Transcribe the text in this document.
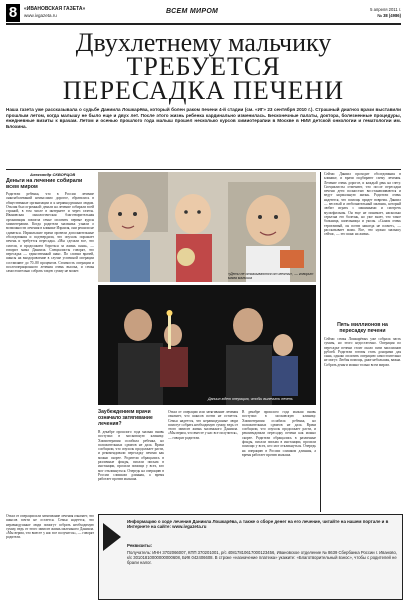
8	«ИВАНОВСКАЯ ГАЗЕТА»
www.ivgazeta.ru
ВСЕМ МИРОМ	5 апреля 2011 г.
№ 38 (4986)
Двухлетнему мальчику
ТРЕБУЕТСЯ
ПЕРЕСАДКА ПЕЧЕНИ
Наша газета уже рассказывала о судьбе Даниила Лошкарёва, который болен раком печени 4-й стадии (см. «ИГ» 23 сентября 2010 г.). Страшный диагноз врачи выставили прошлым летом, когда малышу не было еще и двух лет. После этого жизнь ребенка кардинально изменилась. Бесконечные палаты, доктора, болезненные процедуры, ежедневные визиты к врачам. Летом и осенью прошлого года малыш прошел несколько курсов химиотерапии в Москве в НИИ детской онкологии и гематологии им. Блохина.
Александр СКВОРЦОВ
Деньги на лечение собирали всем миром

Родители ребенка, что в России лечение онкозаболеваний немыслимо дорогое, обратились в общественные организации и к неравнодушным людям. Отклик был огромный: деньги на лечение собирали всей страной, в том числе в интернете и через газеты. Ивановская онкологическая благотворительная организация помогла семье оплатить первые курсы химиотерапии. Когда родители мальчика узнали о возможности лечения в клинике Израиля, они решили не сдаваться. Израильские врачи провели дополнительные обследования и подтвердили, что опухоль поражает печень и требуется пересадка. «Мы сделали все, что смогли, и продолжаем бороться за жизнь сына», — говорит мама Даниила. Специалисты говорят, что пересадка — единственный шанс. По словам врачей, шансы на выздоровление в случае успешной операции составляют до 70–80 процентов. Стоимость операции и послеоперационного лечения очень высока, и семья самостоятельно собрать такую сумму не может.

«Дети не отказываются от мечты», — говорит мама малыша
Даниил ждет операцию, чтобы вылечить печень
Заубеждением врачи означало затягивание лечения?

В декабре прошлого года малыш вновь поступил в московскую клинику. Химиотерапия ослабила ребенка, но положительных сдвигов не дала. Врачи сообщили, что опухоль продолжает расти, и рекомендовали пересадку печени как можно скорее. Родители обращались в различные фонды, писали письма в инстанции, просили помощи у всех, кто мог откликнуться. Очередь на операцию в России слишком длинная, а время работает против малыша.

Отказ от операции или затягивание лечения означает, что шансов почти не остается. Семья надеется, что неравнодушные люди помогут собрать необходимую сумму, ведь от этого зависит жизнь маленького Даниила. «Мы верим, что вместе у нас все получится», — говорят родители.

В декабре прошлого года малыш вновь поступил в московскую клинику. Химиотерапия ослабила ребенка, но положительных сдвигов не дала. Врачи сообщили, что опухоль продолжает расти, и рекомендовали пересадку печени как можно скорее. Родители обращались в различные фонды, писали письма в инстанции, просили помощи у всех, кто мог откликнуться. Очередь на операцию в России слишком длинная, а время работает против малыша.

Сейчас Даниил проходит обследования в клинике, и врачи подбирают схему лечения. Лечение очень дорогое, и каждый день на счету. Специалисты отмечают, что после пересадки печени дети полностью восстанавливаются и ведут нормальную жизнь. Родители очень надеются, что помощь придет вовремя. Даниил — веселый и любознательный мальчик, который любит играть с машинками и смотреть мультфильмы. Он еще не понимает, насколько серьезна его болезнь, но уже знает, что такое больница, капельницы и уколы. «Сынок очень терпеливый, он почти никогда не плачет», — рассказывает мама. Все, что нужно малышу сейчас, — это шанс на жизнь.

Пять миллионов на пересадку печени

Сейчас семья Лошкарёвых уже собрала часть суммы, но этого недостаточно. Операция по пересадке печени стоит около пяти миллионов рублей. Родители готовы стать донорами для сына, однако оплатить операцию самостоятельно не могут. Любая помощь, даже небольшая, важна. Собрать деньги можно только всем миром.

Информацию о ходе лечения Даниила Лошкарёва, а также о сборе денег на его лечение, читайте на нашем портале и в Интернете на сайте: www.ivgazeta.ru
Реквизиты:
Получатель: ИНН 3702066007, КПП 370201001, р/с 40817810617000123456, Ивановское отделение № 8639 Сбербанка России г. Иваново, к/с 30101810000000000608, БИК 042406608. В строке «назначение платежа» укажите: «Благотворительный взнос», чтобы с родителей не брали налог.

Отказ от операции или затягивание лечения означает, что шансов почти не остается. Семья надеется, что неравнодушные люди помогут собрать необходимую сумму, ведь от этого зависит жизнь маленького Даниила. «Мы верим, что вместе у нас все получится», — говорят родители.
